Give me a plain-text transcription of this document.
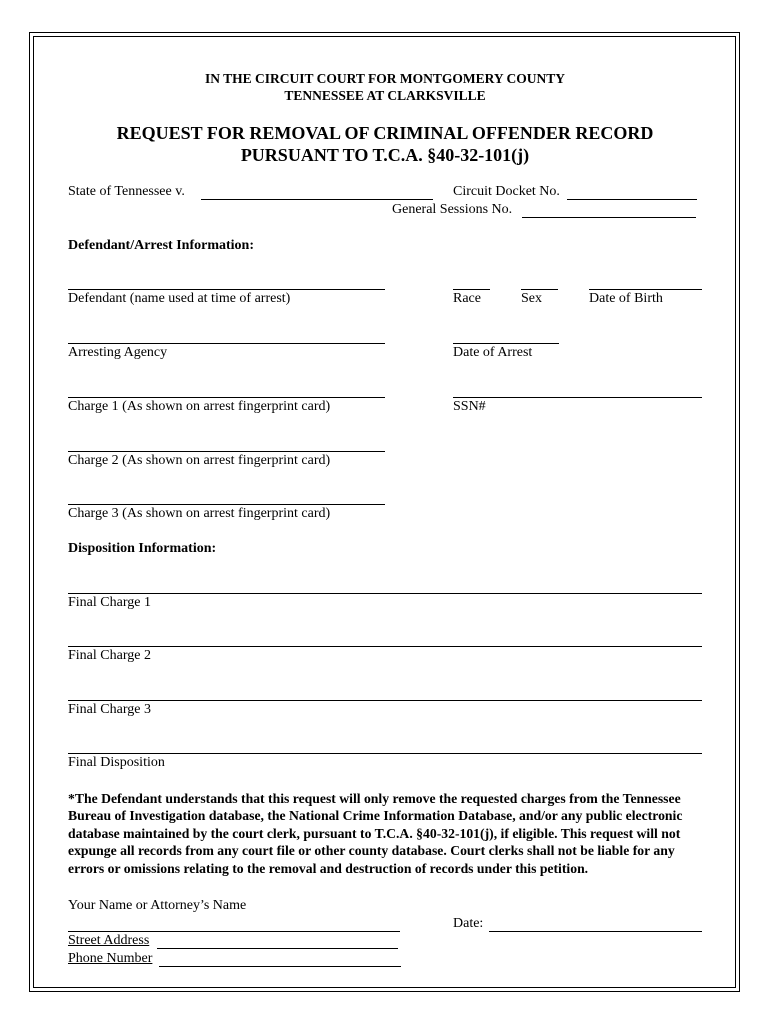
IN THE CIRCUIT COURT FOR MONTGOMERY COUNTY
TENNESSEE AT CLARKSVILLE
REQUEST FOR REMOVAL OF CRIMINAL OFFENDER RECORD
PURSUANT TO T.C.A. §40-32-101(j)
State of Tennessee v.	Circuit Docket No.
General Sessions No.
Defendant/Arrest Information:
Defendant (name used at time of arrest)	Race	Sex	Date of Birth
Arresting Agency	Date of Arrest
Charge 1 (As shown on arrest fingerprint card)	SSN#
Charge 2 (As shown on arrest fingerprint card)
Charge 3 (As shown on arrest fingerprint card)
Disposition Information:
Final Charge 1
Final Charge 2
Final Charge 3
Final Disposition
*The Defendant understands that this request will only remove the requested charges from the Tennessee Bureau of Investigation database, the National Crime Information Database, and/or any public electronic database maintained by the court clerk, pursuant to T.C.A. §40-32-101(j), if eligible. This request will not expunge all records from any court file or other county database. Court clerks shall not be liable for any errors or omissions relating to the removal and destruction of records under this petition.
Your Name or Attorney’s Name
Date:
Street Address
Phone Number
